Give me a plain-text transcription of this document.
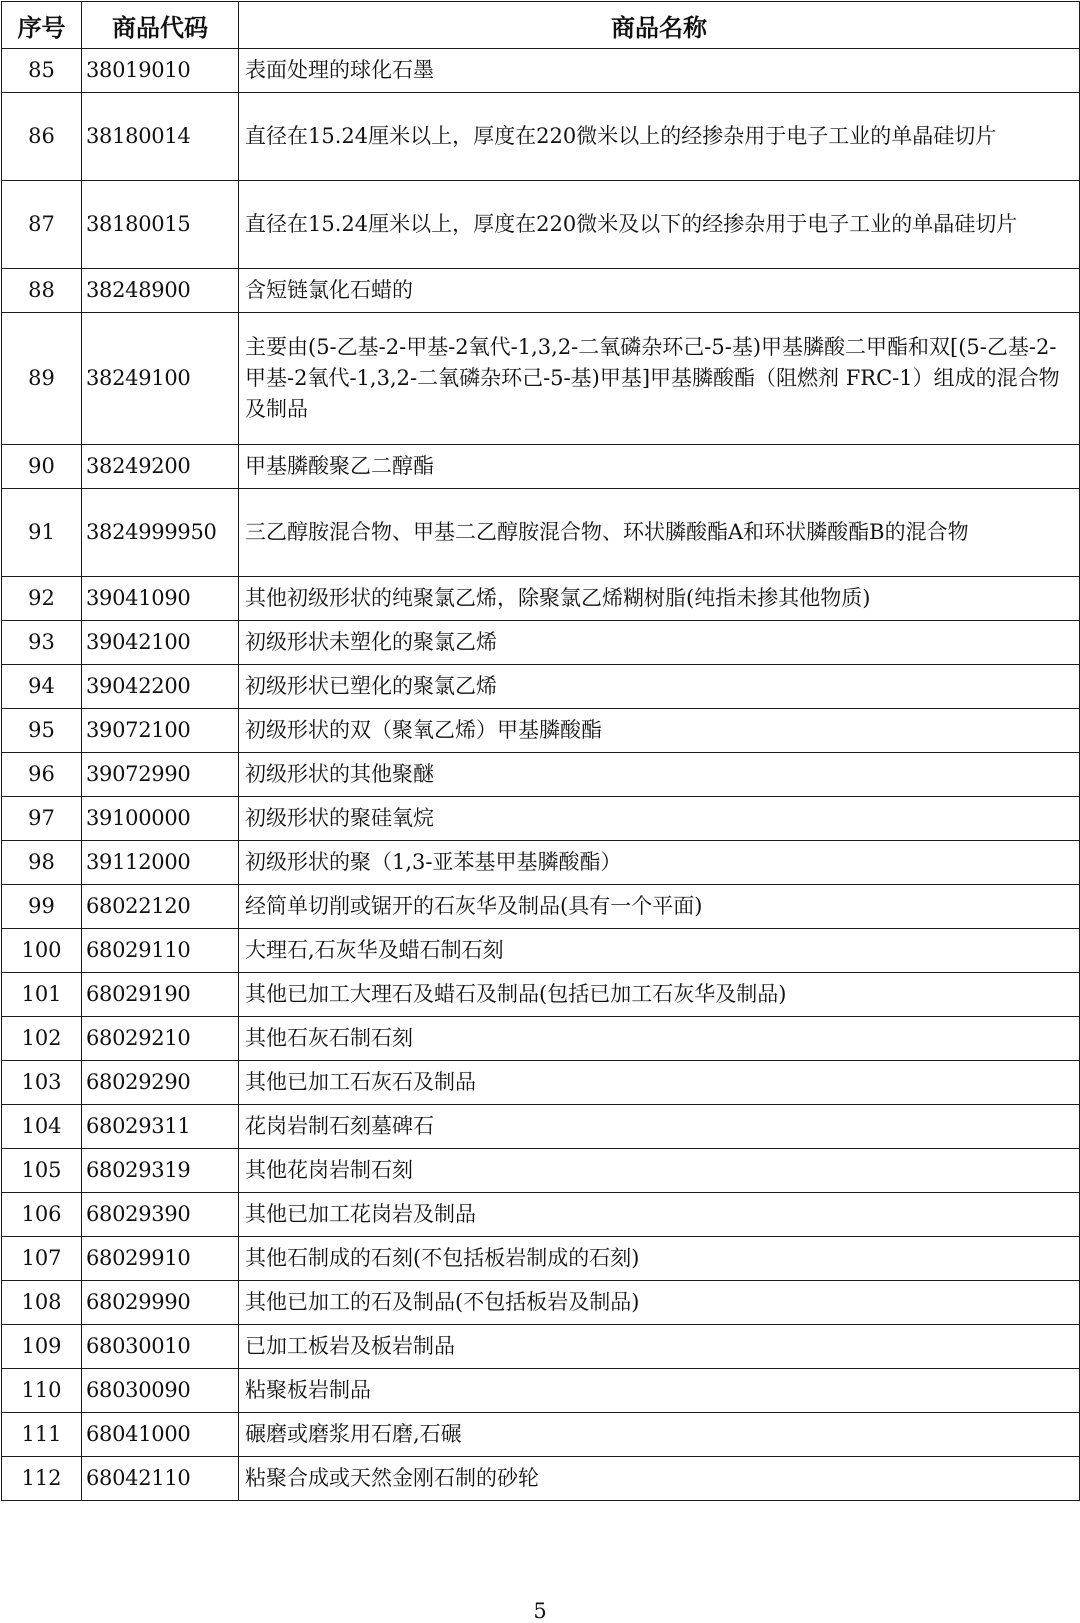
序号	商品代码	商品名称
85	38019010	表面处理的球化石墨
86	38180014	直径在15.24厘米以上，厚度在220微米以上的经掺杂用于电子工业的单晶硅切片
87	38180015	直径在15.24厘米以上，厚度在220微米及以下的经掺杂用于电子工业的单晶硅切片
88	38248900	含短链氯化石蜡的
89	38249100	主要由(5-乙基-2-甲基-2氧代-1,3,2-二氧磷杂环己-5-基)甲基膦酸二甲酯和双[(5-乙基-2-甲基-2氧代-1,3,2-二氧磷杂环己-5-基)甲基]甲基膦酸酯（阻燃剂 FRC-1）组成的混合物及制品
90	38249200	甲基膦酸聚乙二醇酯
91	3824999950	三乙醇胺混合物、甲基二乙醇胺混合物、环状膦酸酯A和环状膦酸酯B的混合物
92	39041090	其他初级形状的纯聚氯乙烯，除聚氯乙烯糊树脂(纯指未掺其他物质)
93	39042100	初级形状未塑化的聚氯乙烯
94	39042200	初级形状已塑化的聚氯乙烯
95	39072100	初级形状的双（聚氧乙烯）甲基膦酸酯
96	39072990	初级形状的其他聚醚
97	39100000	初级形状的聚硅氧烷
98	39112000	初级形状的聚（1,3-亚苯基甲基膦酸酯）
99	68022120	经简单切削或锯开的石灰华及制品(具有一个平面)
100	68029110	大理石,石灰华及蜡石制石刻
101	68029190	其他已加工大理石及蜡石及制品(包括已加工石灰华及制品)
102	68029210	其他石灰石制石刻
103	68029290	其他已加工石灰石及制品
104	68029311	花岗岩制石刻墓碑石
105	68029319	其他花岗岩制石刻
106	68029390	其他已加工花岗岩及制品
107	68029910	其他石制成的石刻(不包括板岩制成的石刻)
108	68029990	其他已加工的石及制品(不包括板岩及制品)
109	68030010	已加工板岩及板岩制品
110	68030090	粘聚板岩制品
111	68041000	碾磨或磨浆用石磨,石碾
112	68042110	粘聚合成或天然金刚石制的砂轮
5
